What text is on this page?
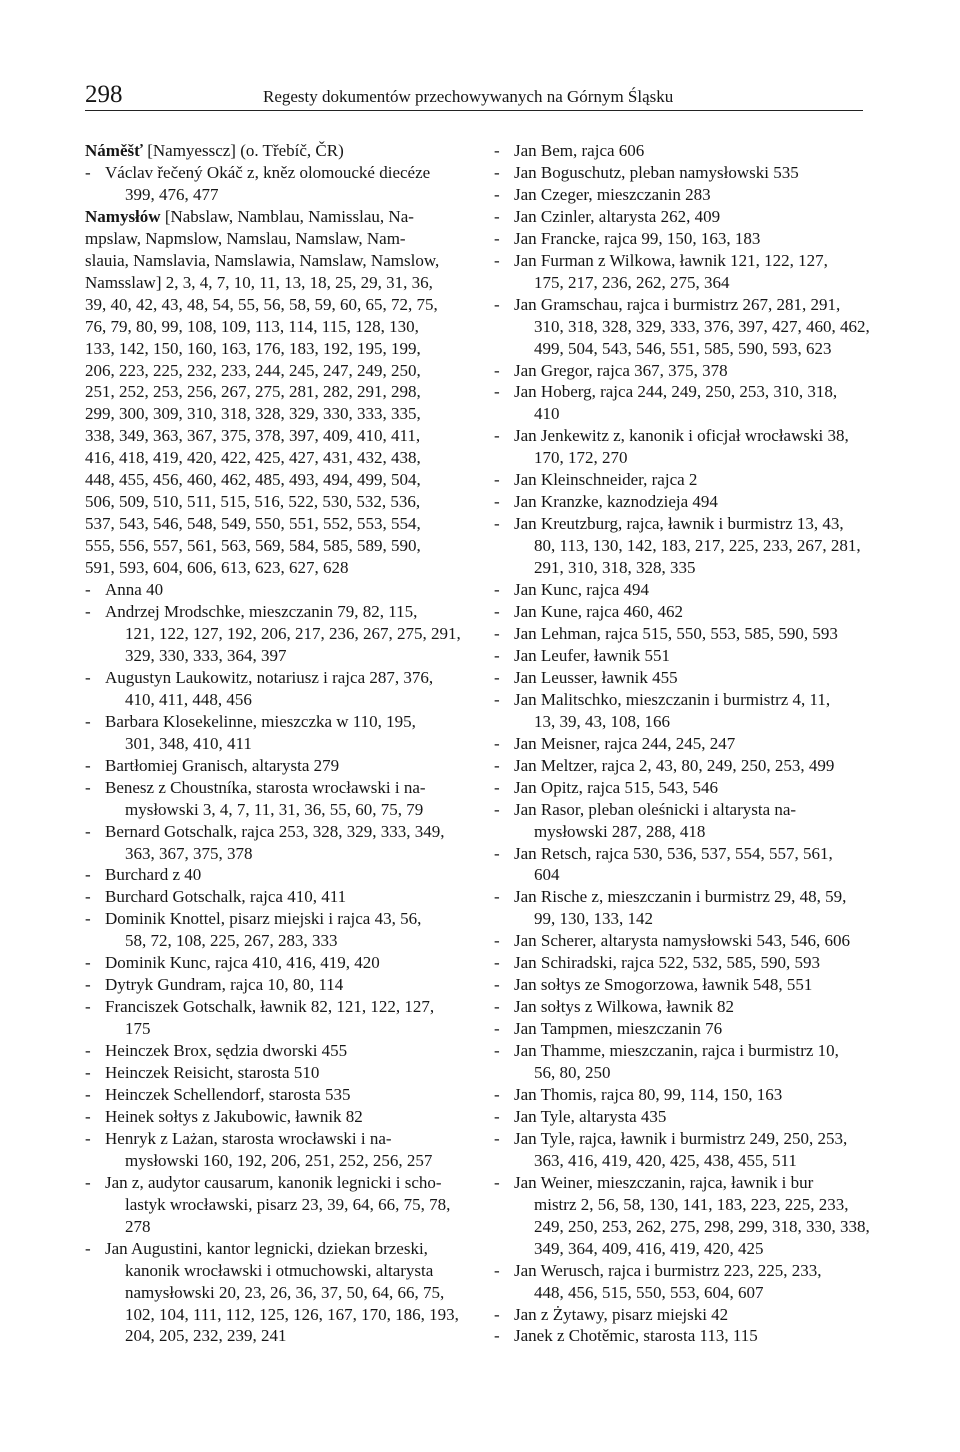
298	Regesty dokumentów przechowywanych na Górnym Śląsku
Náměšť [Namyesscz] (o. Třebíč, ČR)
- Václav řečený Okáč z, kněz olomoucké diecéze
399, 476, 477
Namysłów [Nabslaw, Namblau, Namisslau, Na-
mpslaw, Napmslow, Namslau, Namslaw, Nam-
slauia, Namslavia, Namslawia, Namslaw, Namslow,
Namsslaw] 2, 3, 4, 7, 10, 11, 13, 18, 25, 29, 31, 36,
39, 40, 42, 43, 48, 54, 55, 56, 58, 59, 60, 65, 72, 75,
76, 79, 80, 99, 108, 109, 113, 114, 115, 128, 130,
133, 142, 150, 160, 163, 176, 183, 192, 195, 199,
206, 223, 225, 232, 233, 244, 245, 247, 249, 250,
251, 252, 253, 256, 267, 275, 281, 282, 291, 298,
299, 300, 309, 310, 318, 328, 329, 330, 333, 335,
338, 349, 363, 367, 375, 378, 397, 409, 410, 411,
416, 418, 419, 420, 422, 425, 427, 431, 432, 438,
448, 455, 456, 460, 462, 485, 493, 494, 499, 504,
506, 509, 510, 511, 515, 516, 522, 530, 532, 536,
537, 543, 546, 548, 549, 550, 551, 552, 553, 554,
555, 556, 557, 561, 563, 569, 584, 585, 589, 590,
591, 593, 604, 606, 613, 623, 627, 628
- Anna 40
- Andrzej Mrodschke, mieszczanin 79, 82, 115,
121, 122, 127, 192, 206, 217, 236, 267, 275, 291,
329, 330, 333, 364, 397
- Augustyn Laukowitz, notariusz i rajca 287, 376,
410, 411, 448, 456
- Barbara Klosekelinne, mieszczka w 110, 195,
301, 348, 410, 411
- Bartłomiej Granisch, altarysta 279
- Benesz z Choustníka, starosta wrocławski i na-
mysłowski 3, 4, 7, 11, 31, 36, 55, 60, 75, 79
- Bernard Gotschalk, rajca 253, 328, 329, 333, 349,
363, 367, 375, 378
- Burchard z 40
- Burchard Gotschalk, rajca 410, 411
- Dominik Knottel, pisarz miejski i rajca 43, 56,
58, 72, 108, 225, 267, 283, 333
- Dominik Kunc, rajca 410, 416, 419, 420
- Dytryk Gundram, rajca 10, 80, 114
- Franciszek Gotschalk, ławnik 82, 121, 122, 127,
175
- Heinczek Brox, sędzia dworski 455
- Heinczek Reisicht, starosta 510
- Heinczek Schellendorf, starosta 535
- Heinek sołtys z Jakubowic, ławnik 82
- Henryk z Lażan, starosta wrocławski i na-
mysłowski 160, 192, 206, 251, 252, 256, 257
- Jan z, audytor causarum, kanonik legnicki i scho-
lastyk wrocławski, pisarz 23, 39, 64, 66, 75, 78,
278
- Jan Augustini, kantor legnicki, dziekan brzeski,
kanonik wrocławski i otmuchowski, altarysta
namysłowski 20, 23, 26, 36, 37, 50, 64, 66, 75,
102, 104, 111, 112, 125, 126, 167, 170, 186, 193,
204, 205, 232, 239, 241
- Jan Bem, rajca 606
- Jan Boguschutz, pleban namysłowski 535
- Jan Czeger, mieszczanin 283
- Jan Czinler, altarysta 262, 409
- Jan Francke, rajca 99, 150, 163, 183
- Jan Furman z Wilkowa, ławnik 121, 122, 127,
175, 217, 236, 262, 275, 364
- Jan Gramschau, rajca i burmistrz 267, 281, 291,
310, 318, 328, 329, 333, 376, 397, 427, 460, 462,
499, 504, 543, 546, 551, 585, 590, 593, 623
- Jan Gregor, rajca 367, 375, 378
- Jan Hoberg, rajca 244, 249, 250, 253, 310, 318,
410
- Jan Jenkewitz z, kanonik i oficjał wrocławski 38,
170, 172, 270
- Jan Kleinschneider, rajca 2
- Jan Kranzke, kaznodzieja 494
- Jan Kreutzburg, rajca, ławnik i burmistrz 13, 43,
80, 113, 130, 142, 183, 217, 225, 233, 267, 281,
291, 310, 318, 328, 335
- Jan Kunc, rajca 494
- Jan Kune, rajca 460, 462
- Jan Lehman, rajca 515, 550, 553, 585, 590, 593
- Jan Leufer, ławnik 551
- Jan Leusser, ławnik 455
- Jan Malitschko, mieszczanin i burmistrz 4, 11,
13, 39, 43, 108, 166
- Jan Meisner, rajca 244, 245, 247
- Jan Meltzer, rajca 2, 43, 80, 249, 250, 253, 499
- Jan Opitz, rajca 515, 543, 546
- Jan Rasor, pleban oleśnicki i altarysta na-
mysłowski 287, 288, 418
- Jan Retsch, rajca 530, 536, 537, 554, 557, 561,
604
- Jan Rische z, mieszczanin i burmistrz 29, 48, 59,
99, 130, 133, 142
- Jan Scherer, altarysta namysłowski 543, 546, 606
- Jan Schiradski, rajca 522, 532, 585, 590, 593
- Jan sołtys ze Smogorzowa, ławnik 548, 551
- Jan sołtys z Wilkowa, ławnik 82
- Jan Tampmen, mieszczanin 76
- Jan Thamme, mieszczanin, rajca i burmistrz 10,
56, 80, 250
- Jan Thomis, rajca 80, 99, 114, 150, 163
- Jan Tyle, altarysta 435
- Jan Tyle, rajca, ławnik i burmistrz 249, 250, 253,
363, 416, 419, 420, 425, 438, 455, 511
- Jan Weiner, mieszczanin, rajca, ławnik i bur
mistrz 2, 56, 58, 130, 141, 183, 223, 225, 233,
249, 250, 253, 262, 275, 298, 299, 318, 330, 338,
349, 364, 409, 416, 419, 420, 425
- Jan Werusch, rajca i burmistrz 223, 225, 233,
448, 456, 515, 550, 553, 604, 607
- Jan z Żytawy, pisarz miejski 42
- Janek z Chotěmic, starosta 113, 115
